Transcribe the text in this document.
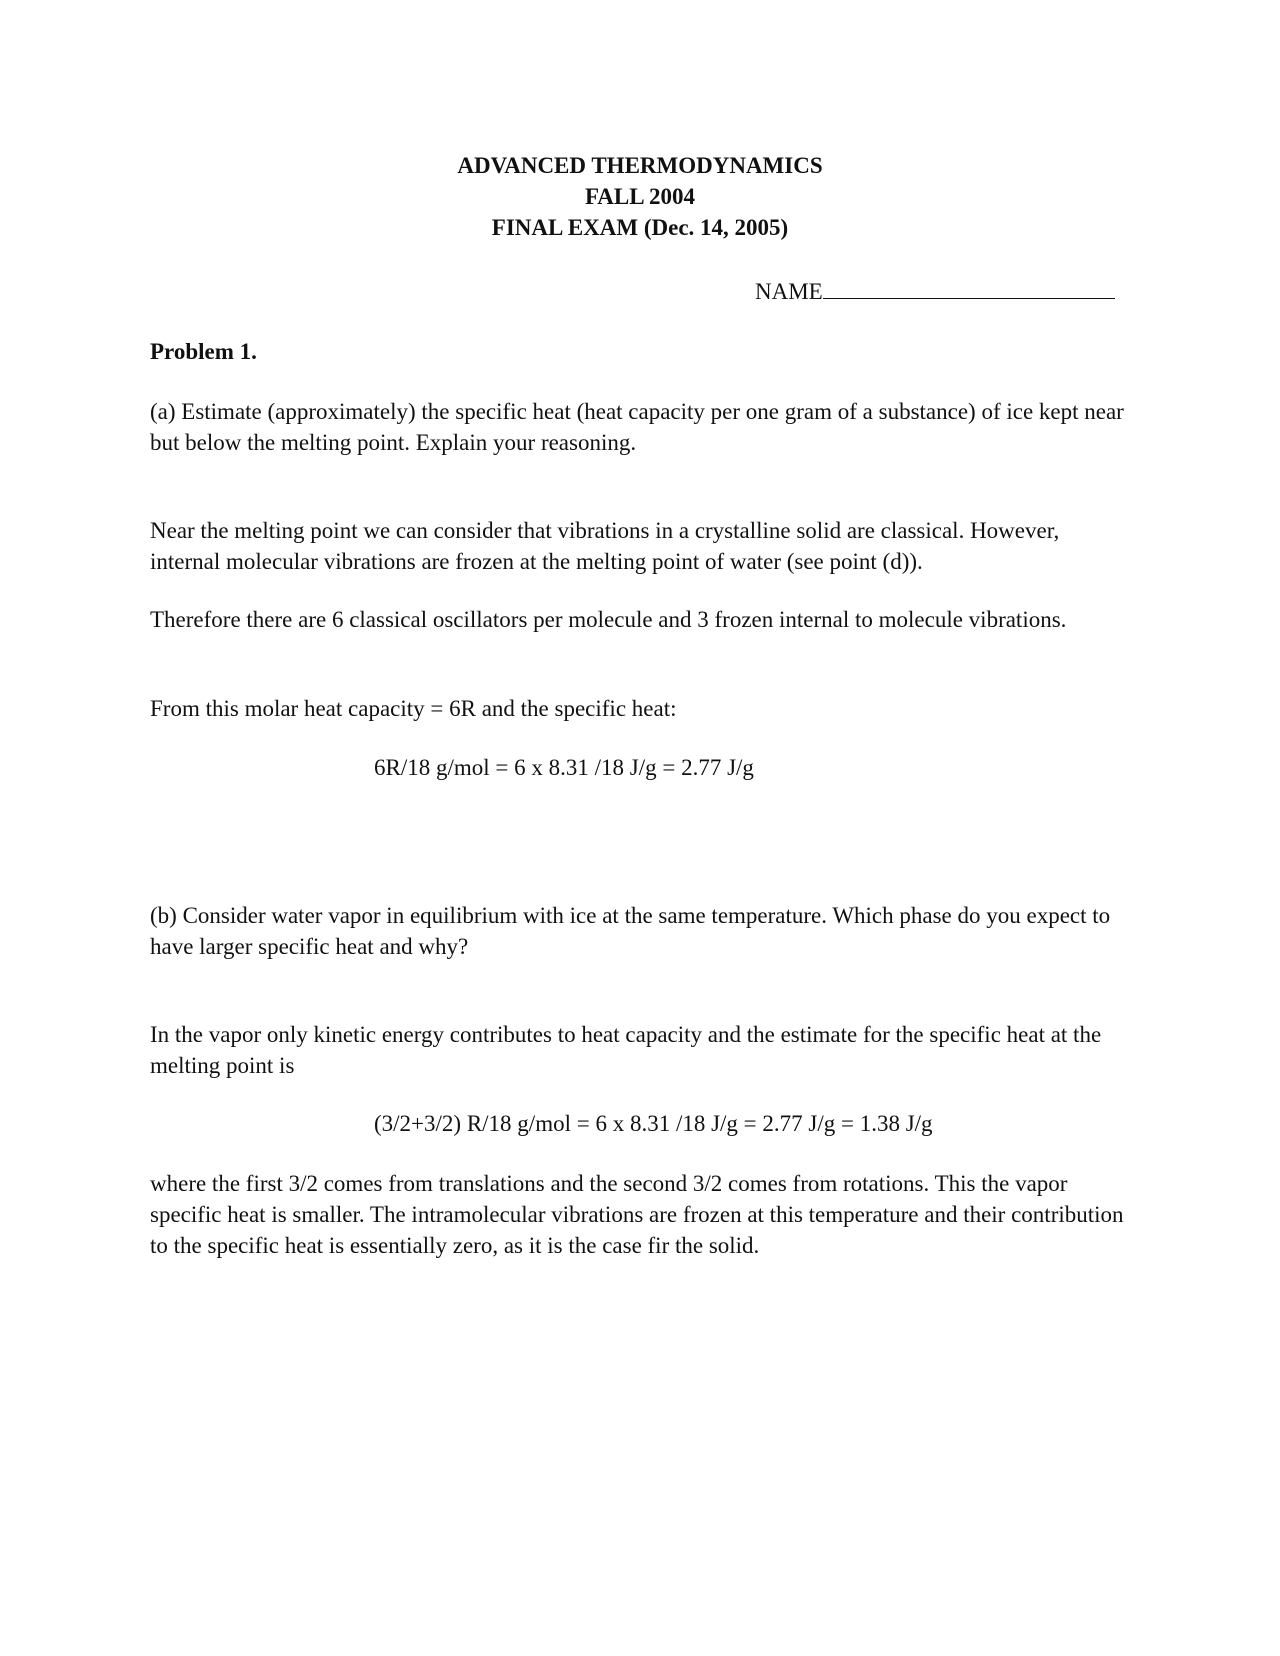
ADVANCED THERMODYNAMICS
FALL 2004
FINAL EXAM (Dec. 14, 2005)
NAME

Problem 1.

(a) Estimate (approximately) the specific heat (heat capacity per one gram of a substance) of ice kept near but below the melting point. Explain your reasoning.

Near the melting point we can consider that vibrations in a crystalline solid are classical. However, internal molecular vibrations are frozen at the melting point of water (see point (d)).

Therefore there are 6 classical oscillators per molecule and 3 frozen internal to molecule vibrations.

From this molar heat capacity = 6R and the specific heat:

6R/18 g/mol = 6 x 8.31 /18 J/g = 2.77 J/g

(b) Consider water vapor in equilibrium with ice at the same temperature. Which phase do you expect to have larger specific heat and why?

In the vapor only kinetic energy contributes to heat capacity and the estimate for the specific heat at the melting point is

(3/2+3/2) R/18 g/mol = 6 x 8.31 /18 J/g = 2.77 J/g = 1.38 J/g

where the first 3/2 comes from translations and the second 3/2 comes from rotations. This the vapor specific heat is smaller. The intramolecular vibrations are frozen at this temperature and their contribution to the specific heat is essentially zero, as it is the case fir the solid.
